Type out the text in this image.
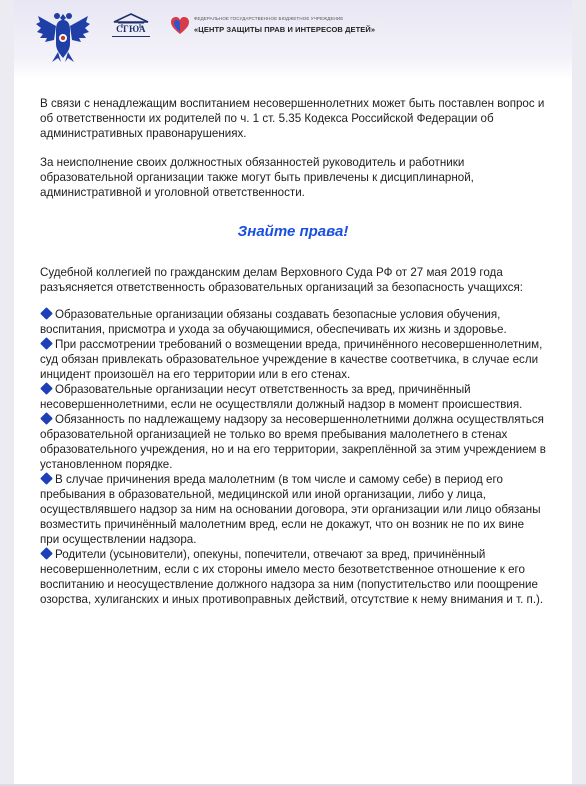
СГЮА
ФЕДЕРАЛЬНОЕ ГОСУДАРСТВЕННОЕ БЮДЖЕТНОЕ УЧРЕЖДЕНИЕ
«ЦЕНТР ЗАЩИТЫ ПРАВ И ИНТЕРЕСОВ ДЕТЕЙ»

В связи с ненадлежащим воспитанием несовершеннолетних может быть поставлен вопрос и об ответственности их родителей по ч. 1 ст. 5.35 Кодекса Российской Федерации об административных правонарушениях.

За неисполнение своих должностных обязанностей руководитель и работники образовательной организации также могут быть привлечены к дисциплинарной, административной и уголовной ответственности.

Знайте права!

Судебной коллегией по гражданским делам Верховного Суда РФ от 27 мая 2019 года разъясняется ответственность образовательных организаций за безопасность учащихся:

Образовательные организации обязаны создавать безопасные условия обучения, воспитания, присмотра и ухода за обучающимися, обеспечивать их жизнь и здоровье.

При рассмотрении требований о возмещении вреда, причинённого несовершеннолетним, суд обязан привлекать образовательное учреждение в качестве соответчика, в случае если инцидент произошёл на его территории или в его стенах.

Образовательные организации несут ответственность за вред, причинённый несовершеннолетними, если не осуществляли должный надзор в момент происшествия.

Обязанность по надлежащему надзору за несовершеннолетними должна осуществляться образовательной организацией не только во время пребывания малолетнего в стенах образовательного учреждения, но и на его территории, закреплённой за этим учреждением в установленном порядке.

В случае причинения вреда малолетним (в том числе и самому себе) в период его пребывания в образовательной, медицинской или иной организации, либо у лица, осуществлявшего надзор за ним на основании договора, эти организации или лицо обязаны возместить причинённый малолетним вред, если не докажут, что он возник не по их вине при осуществлении надзора.

Родители (усыновители), опекуны, попечители, отвечают за вред, причинённый несовершеннолетним, если с их стороны имело место безответственное отношение к его воспитанию и неосуществление должного надзора за ним (попустительство или поощрение озорства, хулиганских и иных противоправных действий, отсутствие к нему внимания и т. п.).
